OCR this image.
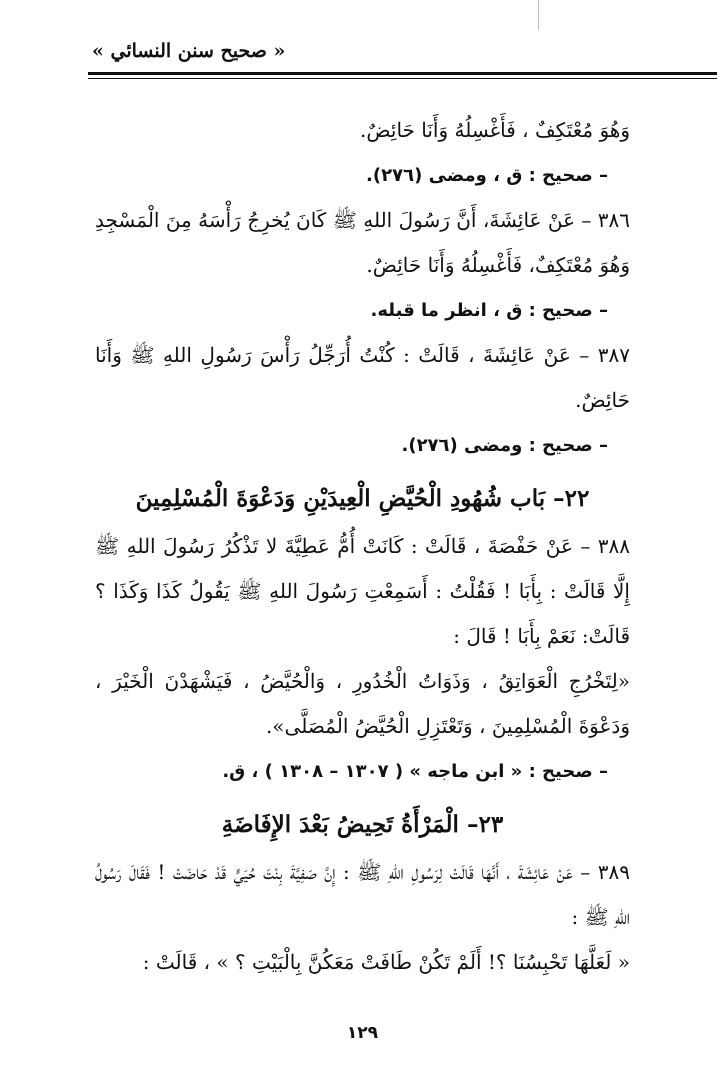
« صحيح سنن النسائي »
وَهُوَ مُعْتَكِفٌ ، فَأَغْسِلُهُ وَأَنَا حَائِضٌ.
– صحيح : ق ، ومضى (٢٧٦).
٣٨٦ – عَنْ عَائِشَةَ، أَنَّ رَسُولَ اللهِ ﷺ كَانَ يُخرِجُ رَأْسَهُ مِنَ الْمَسْجِدِ وَهُوَ مُعْتَكِفٌ، فَأَغْسِلُهُ وَأَنَا حَائِضٌ.
– صحيح : ق ، انظر ما قبله.
٣٨٧ – عَنْ عَائِشَةَ ، قَالَتْ : كُنْتُ أُرَجِّلُ رَأْسَ رَسُولِ اللهِ ﷺ وَأَنَا حَائِضٌ.
– صحيح : ومضى (٢٧٦).
٢٢– بَاب شُهُودِ الْحُيَّضِ الْعِيدَيْنِ وَدَعْوَةَ الْمُسْلِمِينَ
٣٨٨ – عَنْ حَفْصَةَ ، قَالَتْ : كَانَتْ أُمُّ عَطِيَّةَ لا تَذْكُرُ رَسُولَ اللهِ ﷺ إِلَّا قَالَتْ : بِأَبَا ! فَقُلْتُ : أَسَمِعْتِ رَسُولَ اللهِ ﷺ يَقُولُ كَذَا وَكَذَا ؟ قَالَتْ: نَعَمْ بِأَبَا ! قَالَ :
«لِتَخْرُجِ الْعَوَاتِقُ ، وَذَوَاتُ الْخُدُورِ ، وَالْحُيَّضُ ، فَيَشْهَدْنَ الْخَيْرَ ، وَدَعْوَةَ الْمُسْلِمِينَ ، وَتَعْتَزِلِ الْحُيَّضُ الْمُصَلَّى».
– صحيح : « ابن ماجه » ( ١٣٠٧ – ١٣٠٨ ) ، ق.
٢٣– الْمَرْأَةُ تَحِيضُ بَعْدَ الإِفَاضَةِ
٣٨٩ – عَنْ عَائِشَةَ ، أَنَّهَا قَالَتْ لِرَسُولِ اللهِ ﷺ : إِنَّ صَفِيَّةَ بِنْتَ حُيَيٍّ قَدْ حَاضَتْ ! فَقَالَ رَسُولُ اللهِ ﷺ :
« لَعَلَّهَا تَحْبِسُنَا ؟! أَلَمْ تَكُنْ طَافَتْ مَعَكُنَّ بِالْبَيْتِ ؟ » ، قَالَتْ :
١٢٩
